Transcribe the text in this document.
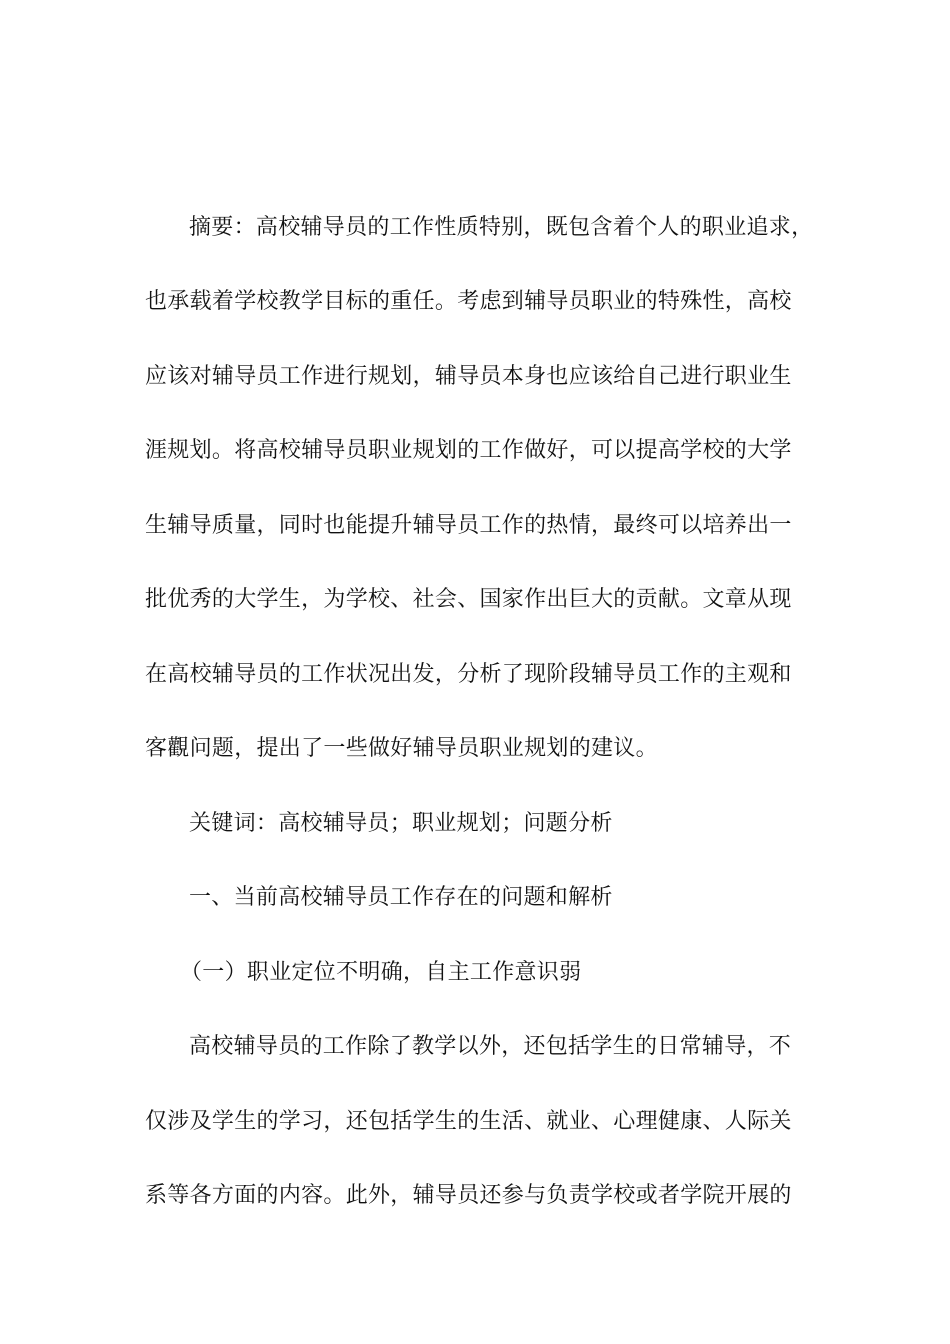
摘要：高校辅导员的工作性质特别，既包含着个人的职业追求，
也承载着学校教学目标的重任。考虑到辅导员职业的特殊性，高校
应该对辅导员工作进行规划，辅导员本身也应该给自己进行职业生
涯规划。将高校辅导员职业规划的工作做好，可以提高学校的大学
生辅导质量，同时也能提升辅导员工作的热情，最终可以培养出一
批优秀的大学生，为学校、社会、国家作出巨大的贡献。文章从现
在高校辅导员的工作状况出发，分析了现阶段辅导员工作的主观和
客觀问题，提出了一些做好辅导员职业规划的建议。
关键词：高校辅导员；职业规划；问题分析
一、当前高校辅导员工作存在的问题和解析
（一）职业定位不明确，自主工作意识弱
高校辅导员的工作除了教学以外，还包括学生的日常辅导，不
仅涉及学生的学习，还包括学生的生活、就业、心理健康、人际关
系等各方面的内容。此外，辅导员还参与负责学校或者学院开展的
